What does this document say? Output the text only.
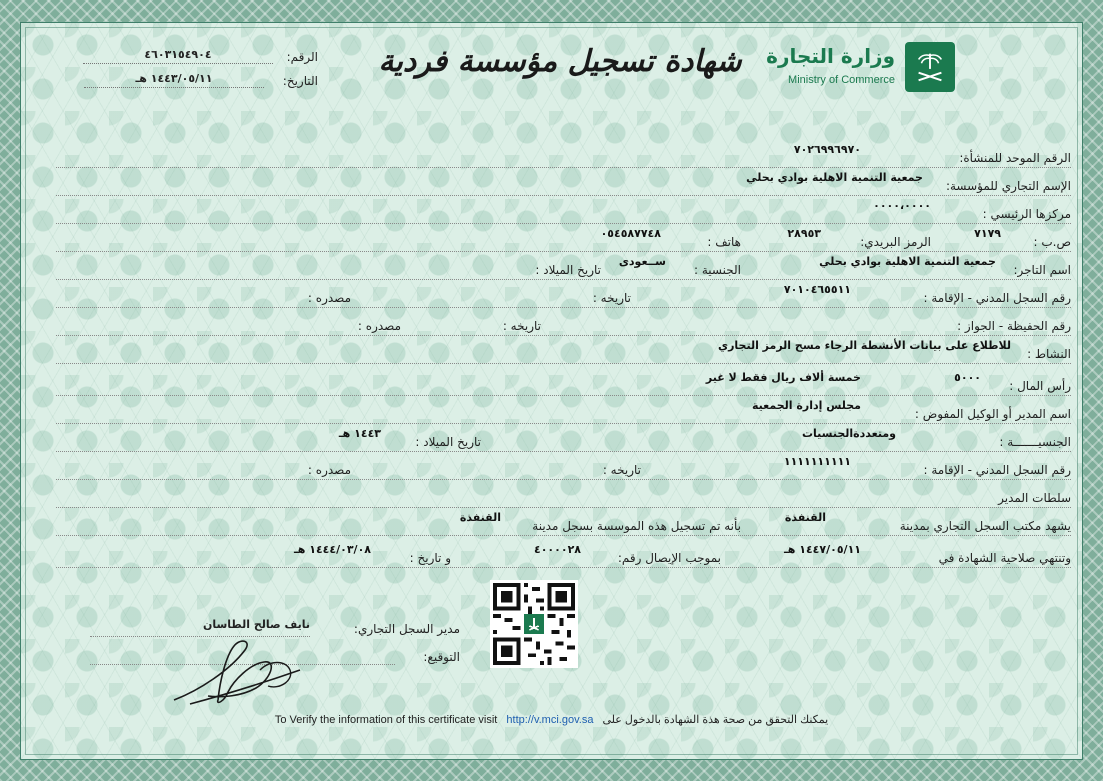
وزارة التجارة
Ministry of Commerce
شهادة تسجيل مؤسسة فردية
الرقم:
٤٦٠٣١٥٤٩٠٤
التاريخ:
١٤٤٣/٠٥/١١ هـ
الرقم الموحد للمنشأة:
٧٠٢٦٩٩٦٩٧٠
الإسم التجاري للمؤسسة:
جمعية التنمية الاهلية بوادي بحلي
مركزها الرئيسي :
٠٠٠٠،٠٠٠٠
ص.ب :
٧١٧٩
الرمز البريدي:
٢٨٩٥٣
هاتف :
٠٥٤٥٨٧٧٤٨
اسم التاجر:
جمعية التنمية الاهلية بوادي بحلي
الجنسية :
ســعودى
تاريخ الميلاد :
رقم السجل المدني - الإقامة :
٧٠١٠٤٦٥٥١١
تاريخه :
مصدره :
رقم الحفيظة - الجواز :
تاريخه :
مصدره :
النشاط :
للاطلاع على بيانات الأنشطة الرجاء مسح الرمز التجاري
رأس المال :
٥٠٠٠
خمسة ألاف ريال فقط لا غير
اسم المدير أو الوكيل المفوض :
مجلس إدارة الجمعية
الجنسيـــــــة :
ومتعددةالجنسيات
تاريخ الميلاد :
١٤٤٣ هـ
رقم السجل المدني - الإقامة :
١١١١١١١١١١
تاريخه :
مصدره :
سلطات المدير
يشهد مكتب السجل التجاري بمدينة
القنفذة
بأنه تم تسجيل هذه الموسسة بسجل مدينة
القنفذة
وتنتهي صلاحية الشهادة في
١٤٤٧/٠٥/١١ هـ
بموجب الإيصال رقم:
٤٠٠٠٠٢٨
و تاريخ :
١٤٤٤/٠٣/٠٨ هـ
مدير السجل التجاري:
نايف صالح الطاسان
التوقيع:
To Verify the information of this certificate visit http://v.mci.gov.sa يمكنك التحقق من صحة هذة الشهادة بالدخول على
